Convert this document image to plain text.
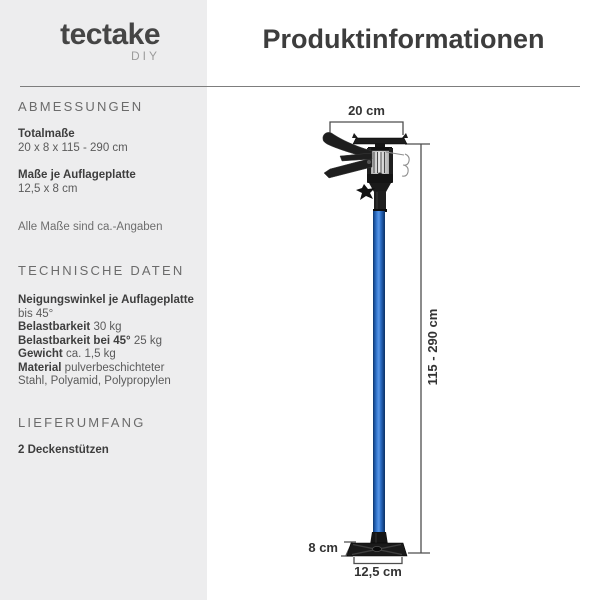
tectake
DIY
ABMESSUNGEN
Totalmaße
20 x 8 x 115 - 290 cm
Maße je Auflageplatte
12,5 x 8 cm
Alle Maße sind ca.-Angaben
TECHNISCHE DATEN
Neigungswinkel je Auflageplatte bis 45°
Belastbarkeit 30 kg
Belastbarkeit bei 45° 25 kg
Gewicht ca. 1,5 kg
Material pulverbeschichteter Stahl, Polyamid, Polypropylen
LIEFERUMFANG
2 Deckenstützen
Produktinformationen
20 cm
115 - 290 cm
8 cm
12,5 cm
